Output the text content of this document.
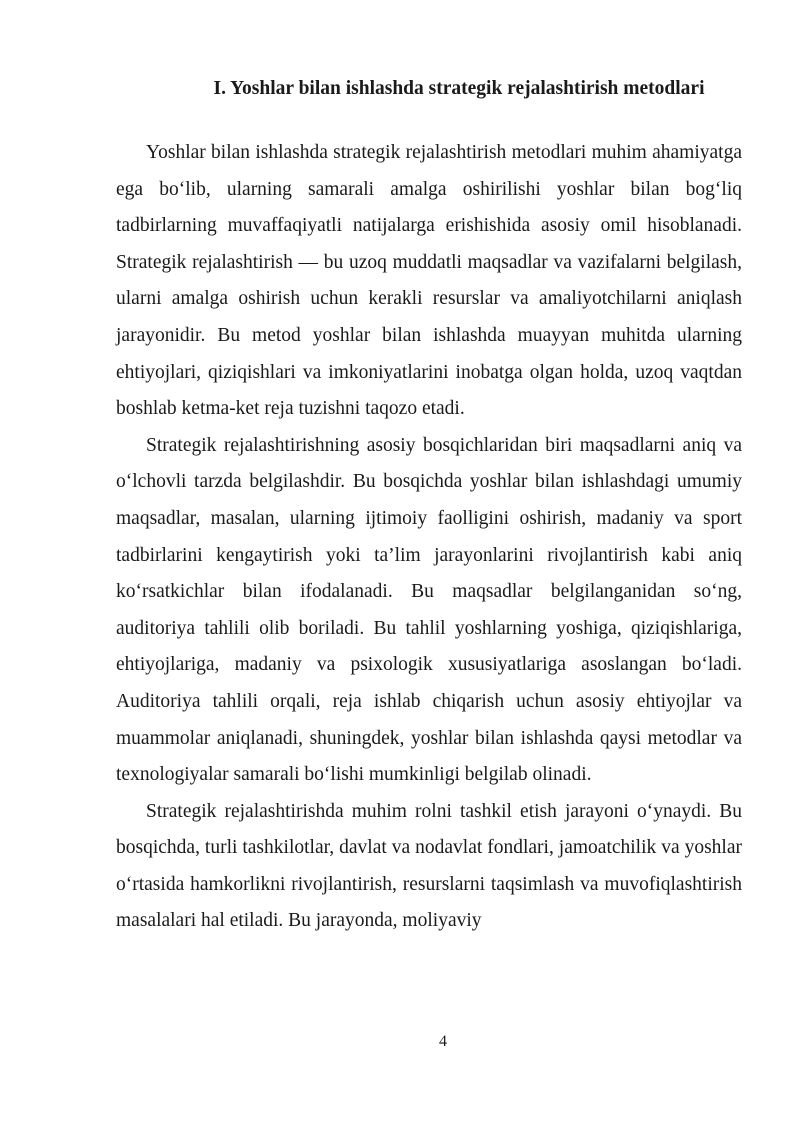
I. Yoshlar bilan ishlashda strategik rejalashtirish metodlari

Yoshlar bilan ishlashda strategik rejalashtirish metodlari muhim ahamiyatga ega bo‘lib, ularning samarali amalga oshirilishi yoshlar bilan bog‘liq tadbirlarning muvaffaqiyatli natijalarga erishishida asosiy omil hisoblanadi. Strategik rejalashtirish — bu uzoq muddatli maqsadlar va vazifalarni belgilash, ularni amalga oshirish uchun kerakli resurslar va amaliyotchilarni aniqlash jarayonidir. Bu metod yoshlar bilan ishlashda muayyan muhitda ularning ehtiyojlari, qiziqishlari va imkoniyatlarini inobatga olgan holda, uzoq vaqtdan boshlab ketma-ket reja tuzishni taqozo etadi.

Strategik rejalashtirishning asosiy bosqichlaridan biri maqsadlarni aniq va o‘lchovli tarzda belgilashdir. Bu bosqichda yoshlar bilan ishlashdagi umumiy maqsadlar, masalan, ularning ijtimoiy faolligini oshirish, madaniy va sport tadbirlarini kengaytirish yoki ta’lim jarayonlarini rivojlantirish kabi aniq ko‘rsatkichlar bilan ifodalanadi. Bu maqsadlar belgilanganidan so‘ng, auditoriya tahlili olib boriladi. Bu tahlil yoshlarning yoshiga, qiziqishlariga, ehtiyojlariga, madaniy va psixologik xususiyatlariga asoslangan bo‘ladi. Auditoriya tahlili orqali, reja ishlab chiqarish uchun asosiy ehtiyojlar va muammolar aniqlanadi, shuningdek, yoshlar bilan ishlashda qaysi metodlar va texnologiyalar samarali bo‘lishi mumkinligi belgilab olinadi.

Strategik rejalashtirishda muhim rolni tashkil etish jarayoni o‘ynaydi. Bu bosqichda, turli tashkilotlar, davlat va nodavlat fondlari, jamoatchilik va yoshlar o‘rtasida hamkorlikni rivojlantirish, resurslarni taqsimlash va muvofiqlashtirish masalalari hal etiladi. Bu jarayonda, moliyaviy

4
